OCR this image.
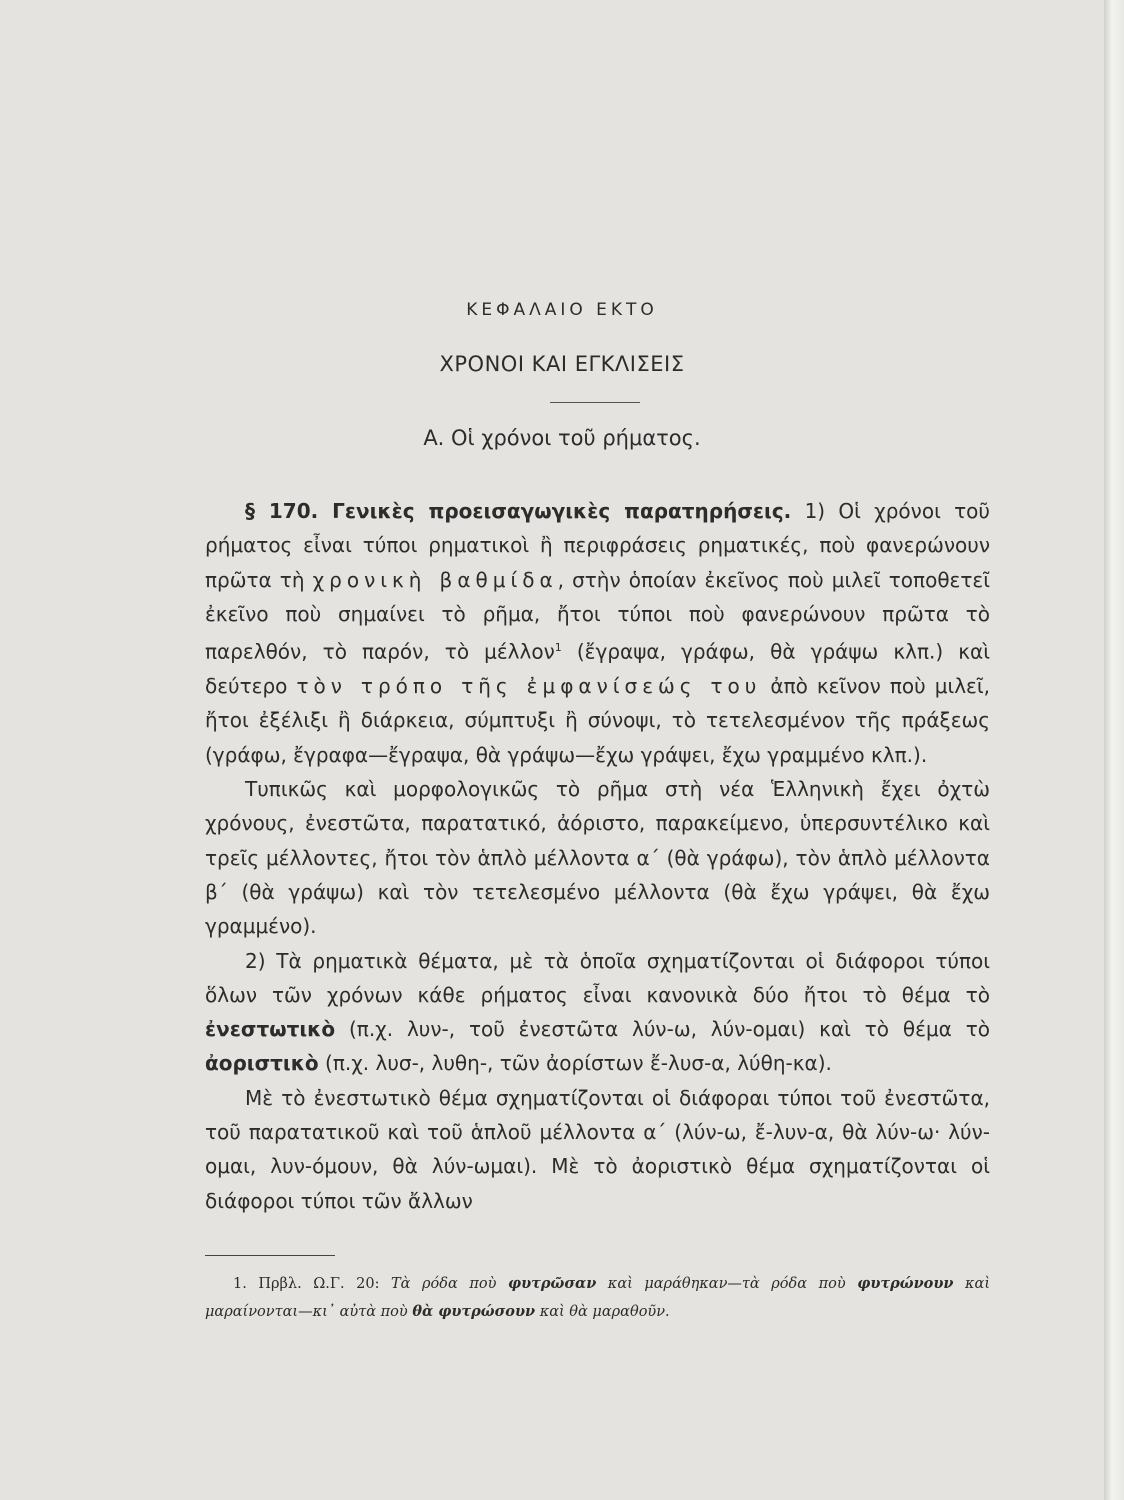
ΚΕΦΑΛΑΙΟ ΕΚΤΟ
ΧΡΟΝΟΙ ΚΑΙ ΕΓΚΛΙΣΕΙΣ
Α. Οἱ χρόνοι τοῦ ρήματος.

§ 170. Γενικὲς προεισαγωγικὲς παρατηρήσεις. 1) Οἱ χρόνοι τοῦ ρήματος εἶναι τύποι ρηματικοὶ ἢ περιφράσεις ρηματικές, ποὺ φανερώνουν πρῶτα τὴ χρονικὴ βαθμίδα, στὴν ὁποίαν ἐκεῖνος ποὺ μιλεῖ τοποθετεῖ ἐκεῖνο ποὺ σημαίνει τὸ ρῆμα, ἤτοι τύποι ποὺ φανερώνουν πρῶτα τὸ παρελθόν, τὸ παρόν, τὸ μέλλον$^1$ (ἔγραψα, γράφω, θὰ γράψω κλπ.) καὶ δεύτερο τὸν τρόπο τῆς ἐμφανίσεώς του ἀπὸ κεῖνον ποὺ μιλεῖ, ἤτοι ἐξέλιξι ἢ διάρκεια, σύμπτυξι ἢ σύνοψι, τὸ τετελεσμένον τῆς πράξεως (γράφω, ἔγραφα—ἔγραψα, θὰ γράψω—ἔχω γράψει, ἔχω γραμμένο κλπ.).

Τυπικῶς καὶ μορφολογικῶς τὸ ρῆμα στὴ νέα Ἑλληνικὴ ἔχει ὀχτὼ χρόνους, ἐνεστῶτα, παρατατικό, ἀόριστο, παρακείμενο, ὑπερσυντέλικο καὶ τρεῖς μέλλοντες, ἤτοι τὸν ἁπλὸ μέλλοντα α΄ (θὰ γράφω), τὸν ἁπλὸ μέλλοντα β΄ (θὰ γράψω) καὶ τὸν τετελεσμένο μέλλοντα (θὰ ἔχω γράψει, θὰ ἔχω γραμμένο).

2) Τὰ ρηματικὰ θέματα, μὲ τὰ ὁποῖα σχηματίζονται οἱ διάφοροι τύποι ὅλων τῶν χρόνων κάθε ρήματος εἶναι κανονικὰ δύο ἤτοι τὸ θέμα τὸ ἐνεστωτικὸ (π.χ. λυν-, τοῦ ἐνεστῶτα λύν-ω, λύν-ομαι) καὶ τὸ θέμα τὸ ἀοριστικὸ (π.χ. λυσ-, λυθη-, τῶν ἀορίστων ἔ-λυσ-α, λύθη-κα).

Μὲ τὸ ἐνεστωτικὸ θέμα σχηματίζονται οἱ διάφοραι τύποι τοῦ ἐνεστῶτα, τοῦ παρατατικοῦ καὶ τοῦ ἁπλοῦ μέλλοντα α΄ (λύν-ω, ἔ-λυν-α, θὰ λύν-ω· λύν-ομαι, λυν-όμουν, θὰ λύν-ωμαι). Μὲ τὸ ἀοριστικὸ θέμα σχηματίζονται οἱ διάφοροι τύποι τῶν ἄλλων

1. Πρβλ. Ω.Γ. 20: Τὰ ρόδα ποὺ φυτρῶσαν καὶ μαράθηκαν—τὰ ρόδα ποὺ φυτρώνουν καὶ μαραίνονται—κι᾿ αὐτὰ ποὺ θὰ φυτρώσουν καὶ θὰ μαραθοῦν.
